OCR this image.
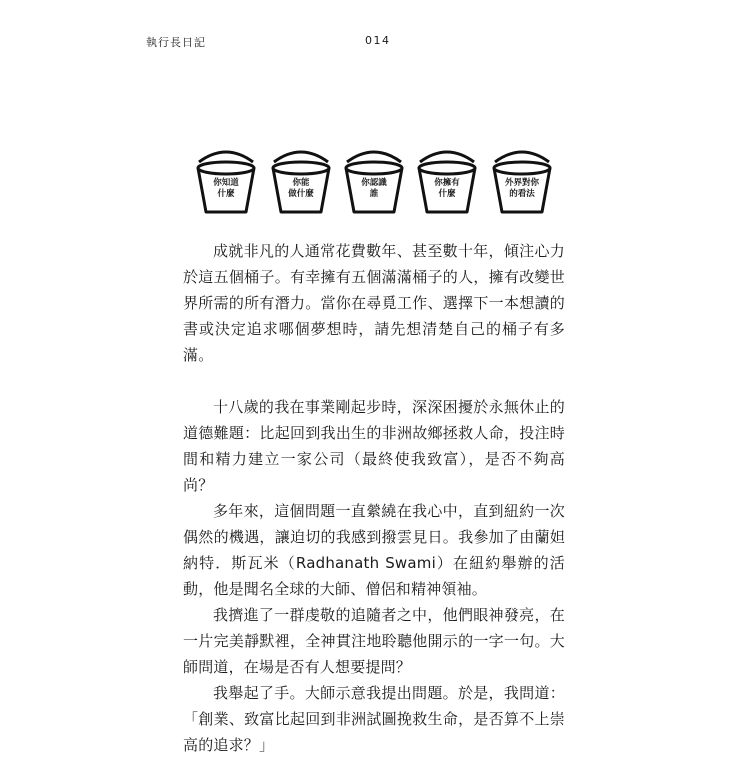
執行長日記	014
你知道
什麼
你能
做什麼
你認識
誰
你擁有
什麼
外界對你
的看法

成就非凡的人通常花費數年、甚至數十年，傾注心力於這五個桶子。有幸擁有五個滿滿桶子的人，擁有改變世界所需的所有潛力。當你在尋覓工作、選擇下一本想讀的書或決定追求哪個夢想時，請先想清楚自己的桶子有多滿。

十八歲的我在事業剛起步時，深深困擾於永無休止的道德難題：比起回到我出生的非洲故鄉拯救人命，投注時間和精力建立一家公司（最終使我致富），是否不夠高尚？

多年來，這個問題一直縈繞在我心中，直到紐約一次偶然的機遇，讓迫切的我感到撥雲見日。我參加了由蘭妲納特．斯瓦米（Radhanath Swami）在紐約舉辦的活動，他是聞名全球的大師、僧侶和精神領袖。

我擠進了一群虔敬的追隨者之中，他們眼神發亮，在一片完美靜默裡，全神貫注地聆聽他開示的一字一句。大師問道，在場是否有人想要提問？

我舉起了手。大師示意我提出問題。於是，我問道：「創業、致富比起回到非洲試圖挽救生命，是否算不上崇高的追求？」
